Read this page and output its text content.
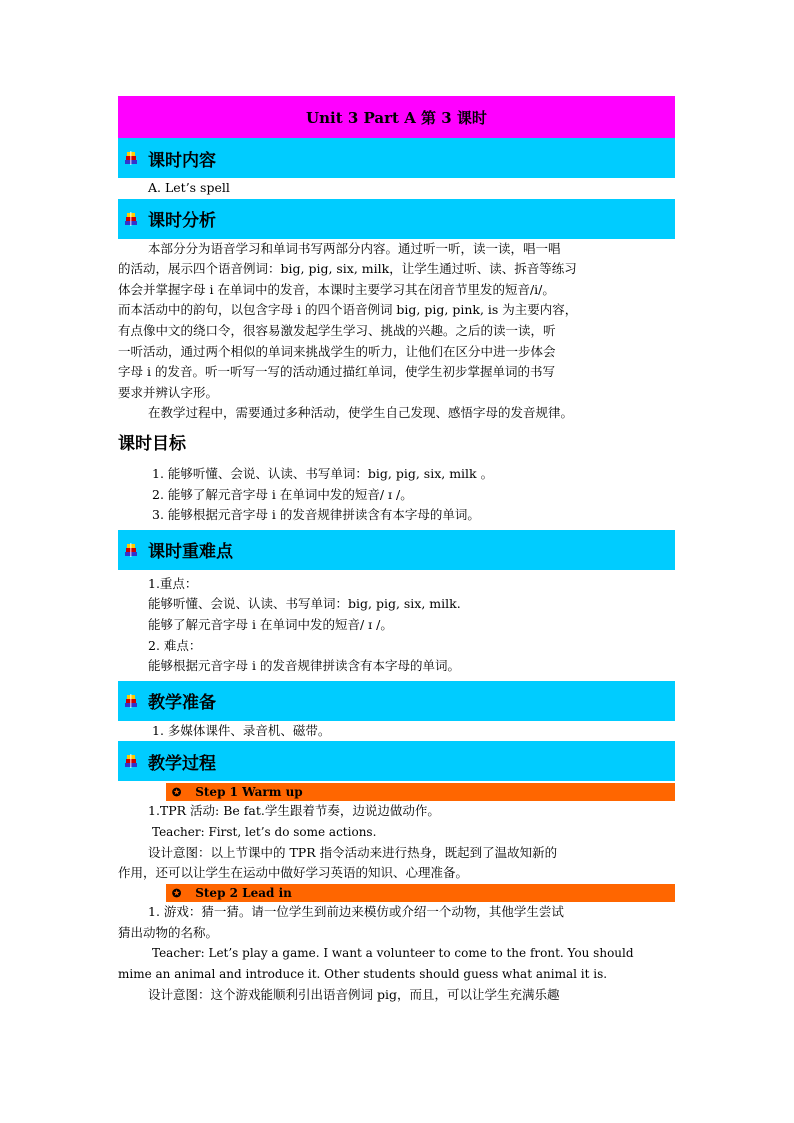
Unit 3 Part A 第 3 课时
课时内容
A. Let’s spell
课时分析
本部分分为语音学习和单词书写两部分内容。通过听一听，读一读，唱一唱
的活动，展示四个语音例词：big, pig, six, milk，让学生通过听、读、拆音等练习
体会并掌握字母 i 在单词中的发音，本课时主要学习其在闭音节里发的短音/i/。
而本活动中的韵句，以包含字母 i 的四个语音例词 big, pig, pink, is 为主要内容，
有点像中文的绕口令，很容易激发起学生学习、挑战的兴趣。之后的读一读，听
一听活动，通过两个相似的单词来挑战学生的听力，让他们在区分中进一步体会
字母 i 的发音。听一听写一写的活动通过描红单词，使学生初步掌握单词的书写
要求并辨认字形。
在教学过程中，需要通过多种活动，使学生自己发现、感悟字母的发音规律。
课时目标
1. 能够听懂、会说、认读、书写单词：big, pig, six, milk 。
2. 能够了解元音字母 i 在单词中发的短音/ ɪ /。
3. 能够根据元音字母 i 的发音规律拼读含有本字母的单词。
课时重难点
1.重点：
能够听懂、会说、认读、书写单词：big, pig, six, milk.
能够了解元音字母 i 在单词中发的短音/ ɪ /。
2. 难点：
能够根据元音字母 i 的发音规律拼读含有本字母的单词。
教学准备
1. 多媒体课件、录音机、磁带。
教学过程
✪ Step 1 Warm up
1.TPR 活动: Be fat.学生跟着节奏，边说边做动作。
Teacher: First, let’s do some actions.
设计意图：以上节课中的 TPR 指令活动来进行热身，既起到了温故知新的
作用，还可以让学生在运动中做好学习英语的知识、心理准备。
✪ Step 2 Lead in
1. 游戏：猜一猜。请一位学生到前边来模仿或介绍一个动物，其他学生尝试
猜出动物的名称。
Teacher: Let’s play a game. I want a volunteer to come to the front. You should
mime an animal and introduce it. Other students should guess what animal it is.
设计意图：这个游戏能顺利引出语音例词 pig，而且，可以让学生充满乐趣
